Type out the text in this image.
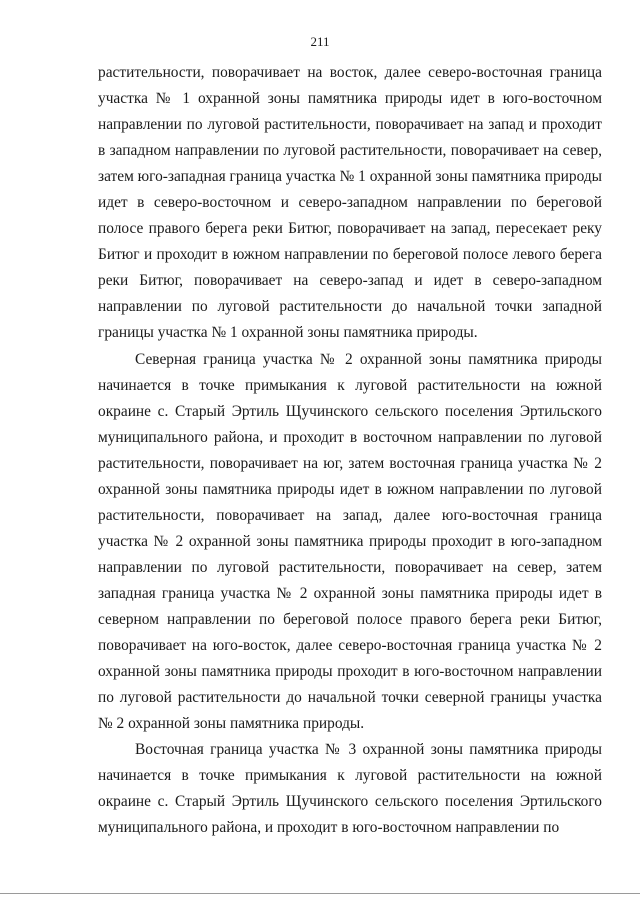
211

растительности, поворачивает на восток, далее северо-восточная граница участка № 1 охранной зоны памятника природы идет в юго-восточном направлении по луговой растительности, поворачивает на запад и проходит в западном направлении по луговой растительности, поворачивает на север, затем юго-западная граница участка № 1 охранной зоны памятника природы идет в северо-восточном и северо-западном направлении по береговой полосе правого берега реки Битюг, поворачивает на запад, пересекает реку Битюг и проходит в южном направлении по береговой полосе левого берега реки Битюг, поворачивает на северо-запад и идет в северо-западном направлении по луговой растительности до начальной точки западной границы участка № 1 охранной зоны памятника природы.

Северная граница участка № 2 охранной зоны памятника природы начинается в точке примыкания к луговой растительности на южной окраине с. Старый Эртиль Щучинского сельского поселения Эртильского муниципального района, и проходит в восточном направлении по луговой растительности, поворачивает на юг, затем восточная граница участка № 2 охранной зоны памятника природы идет в южном направлении по луговой растительности, поворачивает на запад, далее юго-восточная граница участка № 2 охранной зоны памятника природы проходит в юго-западном направлении по луговой растительности, поворачивает на север, затем западная граница участка № 2 охранной зоны памятника природы идет в северном направлении по береговой полосе правого берега реки Битюг, поворачивает на юго-восток, далее северо-восточная граница участка № 2 охранной зоны памятника природы проходит в юго-восточном направлении по луговой растительности до начальной точки северной границы участка № 2 охранной зоны памятника природы.

Восточная граница участка № 3 охранной зоны памятника природы начинается в точке примыкания к луговой растительности на южной окраине с. Старый Эртиль Щучинского сельского поселения Эртильского муниципального района, и проходит в юго-восточном направлении по
